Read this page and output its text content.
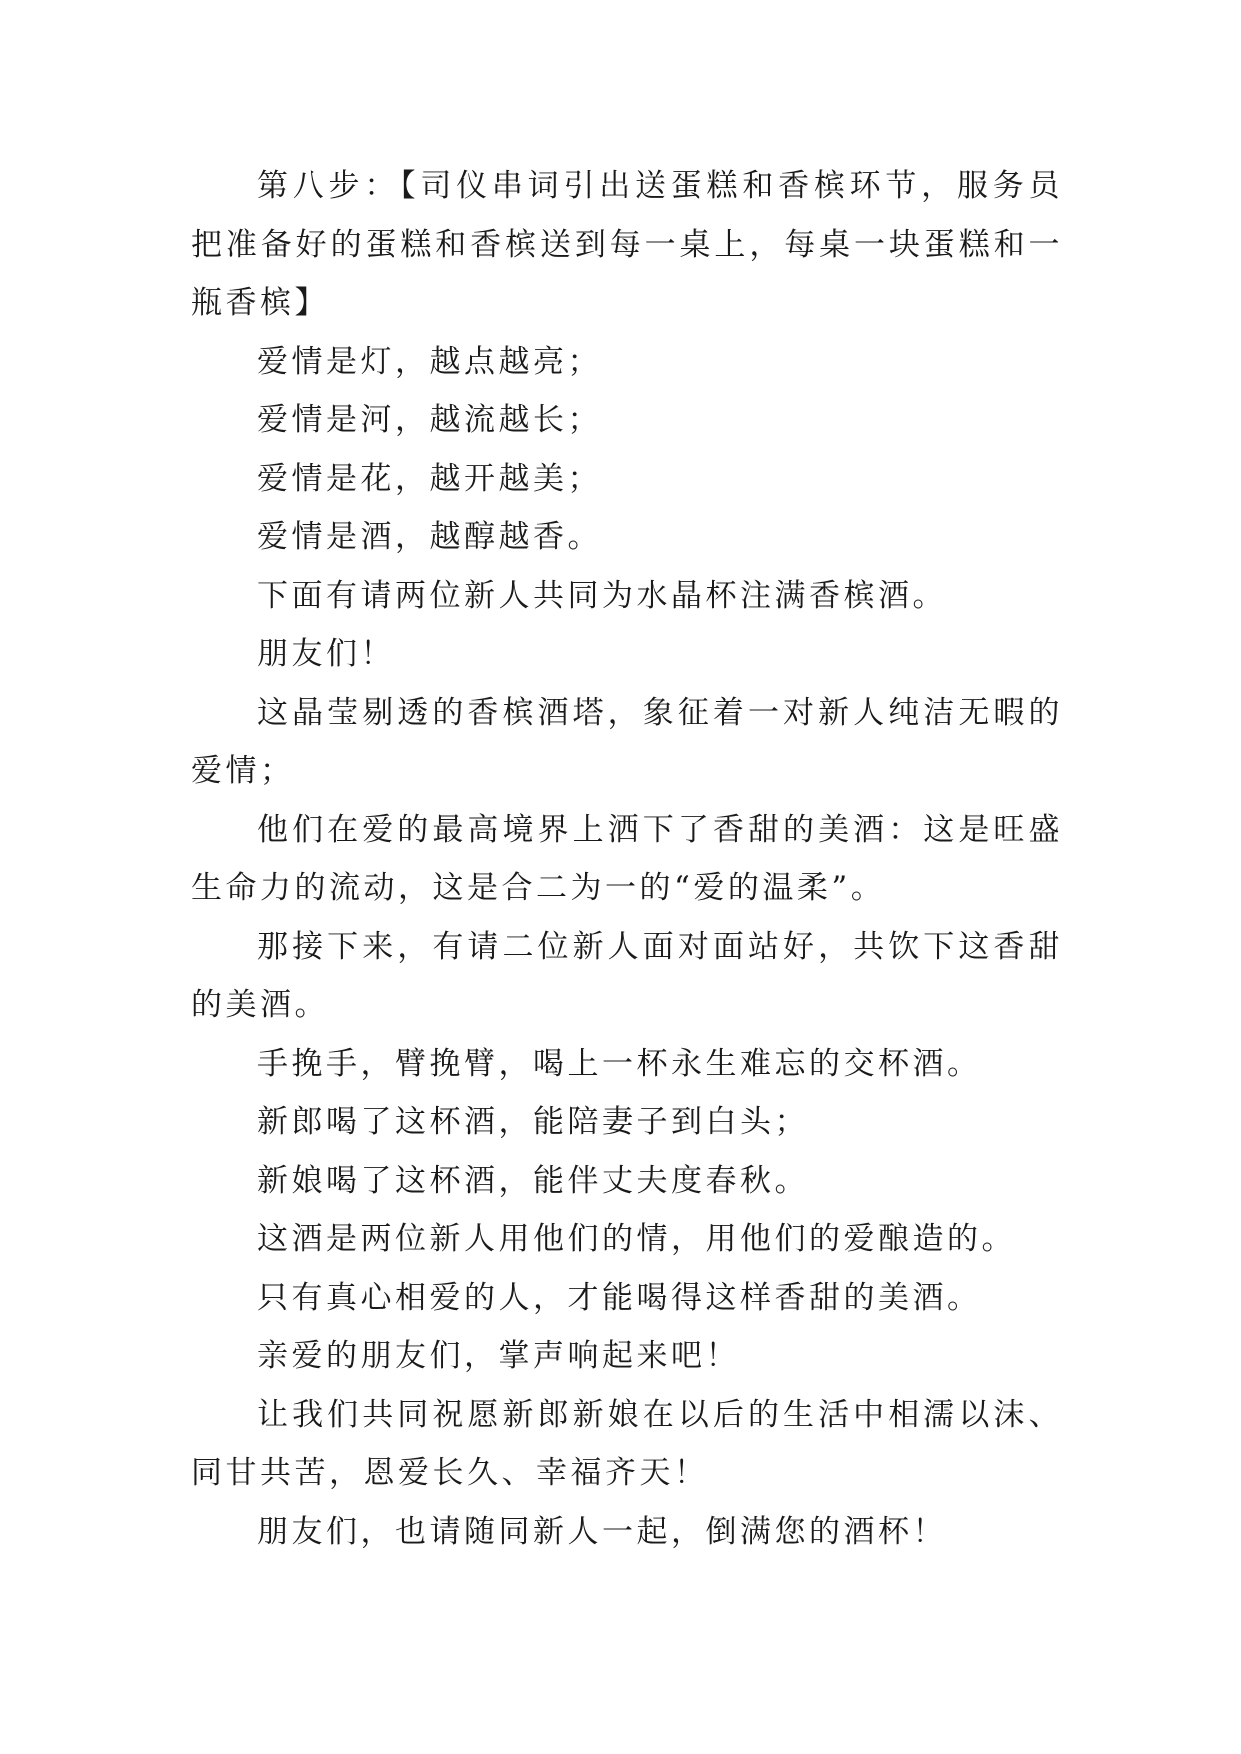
第八步：【司仪串词引出送蛋糕和香槟环节，服务员把准备好的蛋糕和香槟送到每一桌上，每桌一块蛋糕和一瓶香槟】

爱情是灯，越点越亮；

爱情是河，越流越长；

爱情是花，越开越美；

爱情是酒，越醇越香。

下面有请两位新人共同为水晶杯注满香槟酒。

朋友们！

这晶莹剔透的香槟酒塔，象征着一对新人纯洁无暇的爱情；

他们在爱的最高境界上洒下了香甜的美酒：这是旺盛生命力的流动，这是合二为一的“爱的温柔”。

那接下来，有请二位新人面对面站好，共饮下这香甜的美酒。

手挽手，臂挽臂，喝上一杯永生难忘的交杯酒。

新郎喝了这杯酒，能陪妻子到白头；

新娘喝了这杯酒，能伴丈夫度春秋。

这酒是两位新人用他们的情，用他们的爱酿造的。

只有真心相爱的人，才能喝得这样香甜的美酒。

亲爱的朋友们，掌声响起来吧！

让我们共同祝愿新郎新娘在以后的生活中相濡以沫、同甘共苦，恩爱长久、幸福齐天！

朋友们，也请随同新人一起，倒满您的酒杯！
